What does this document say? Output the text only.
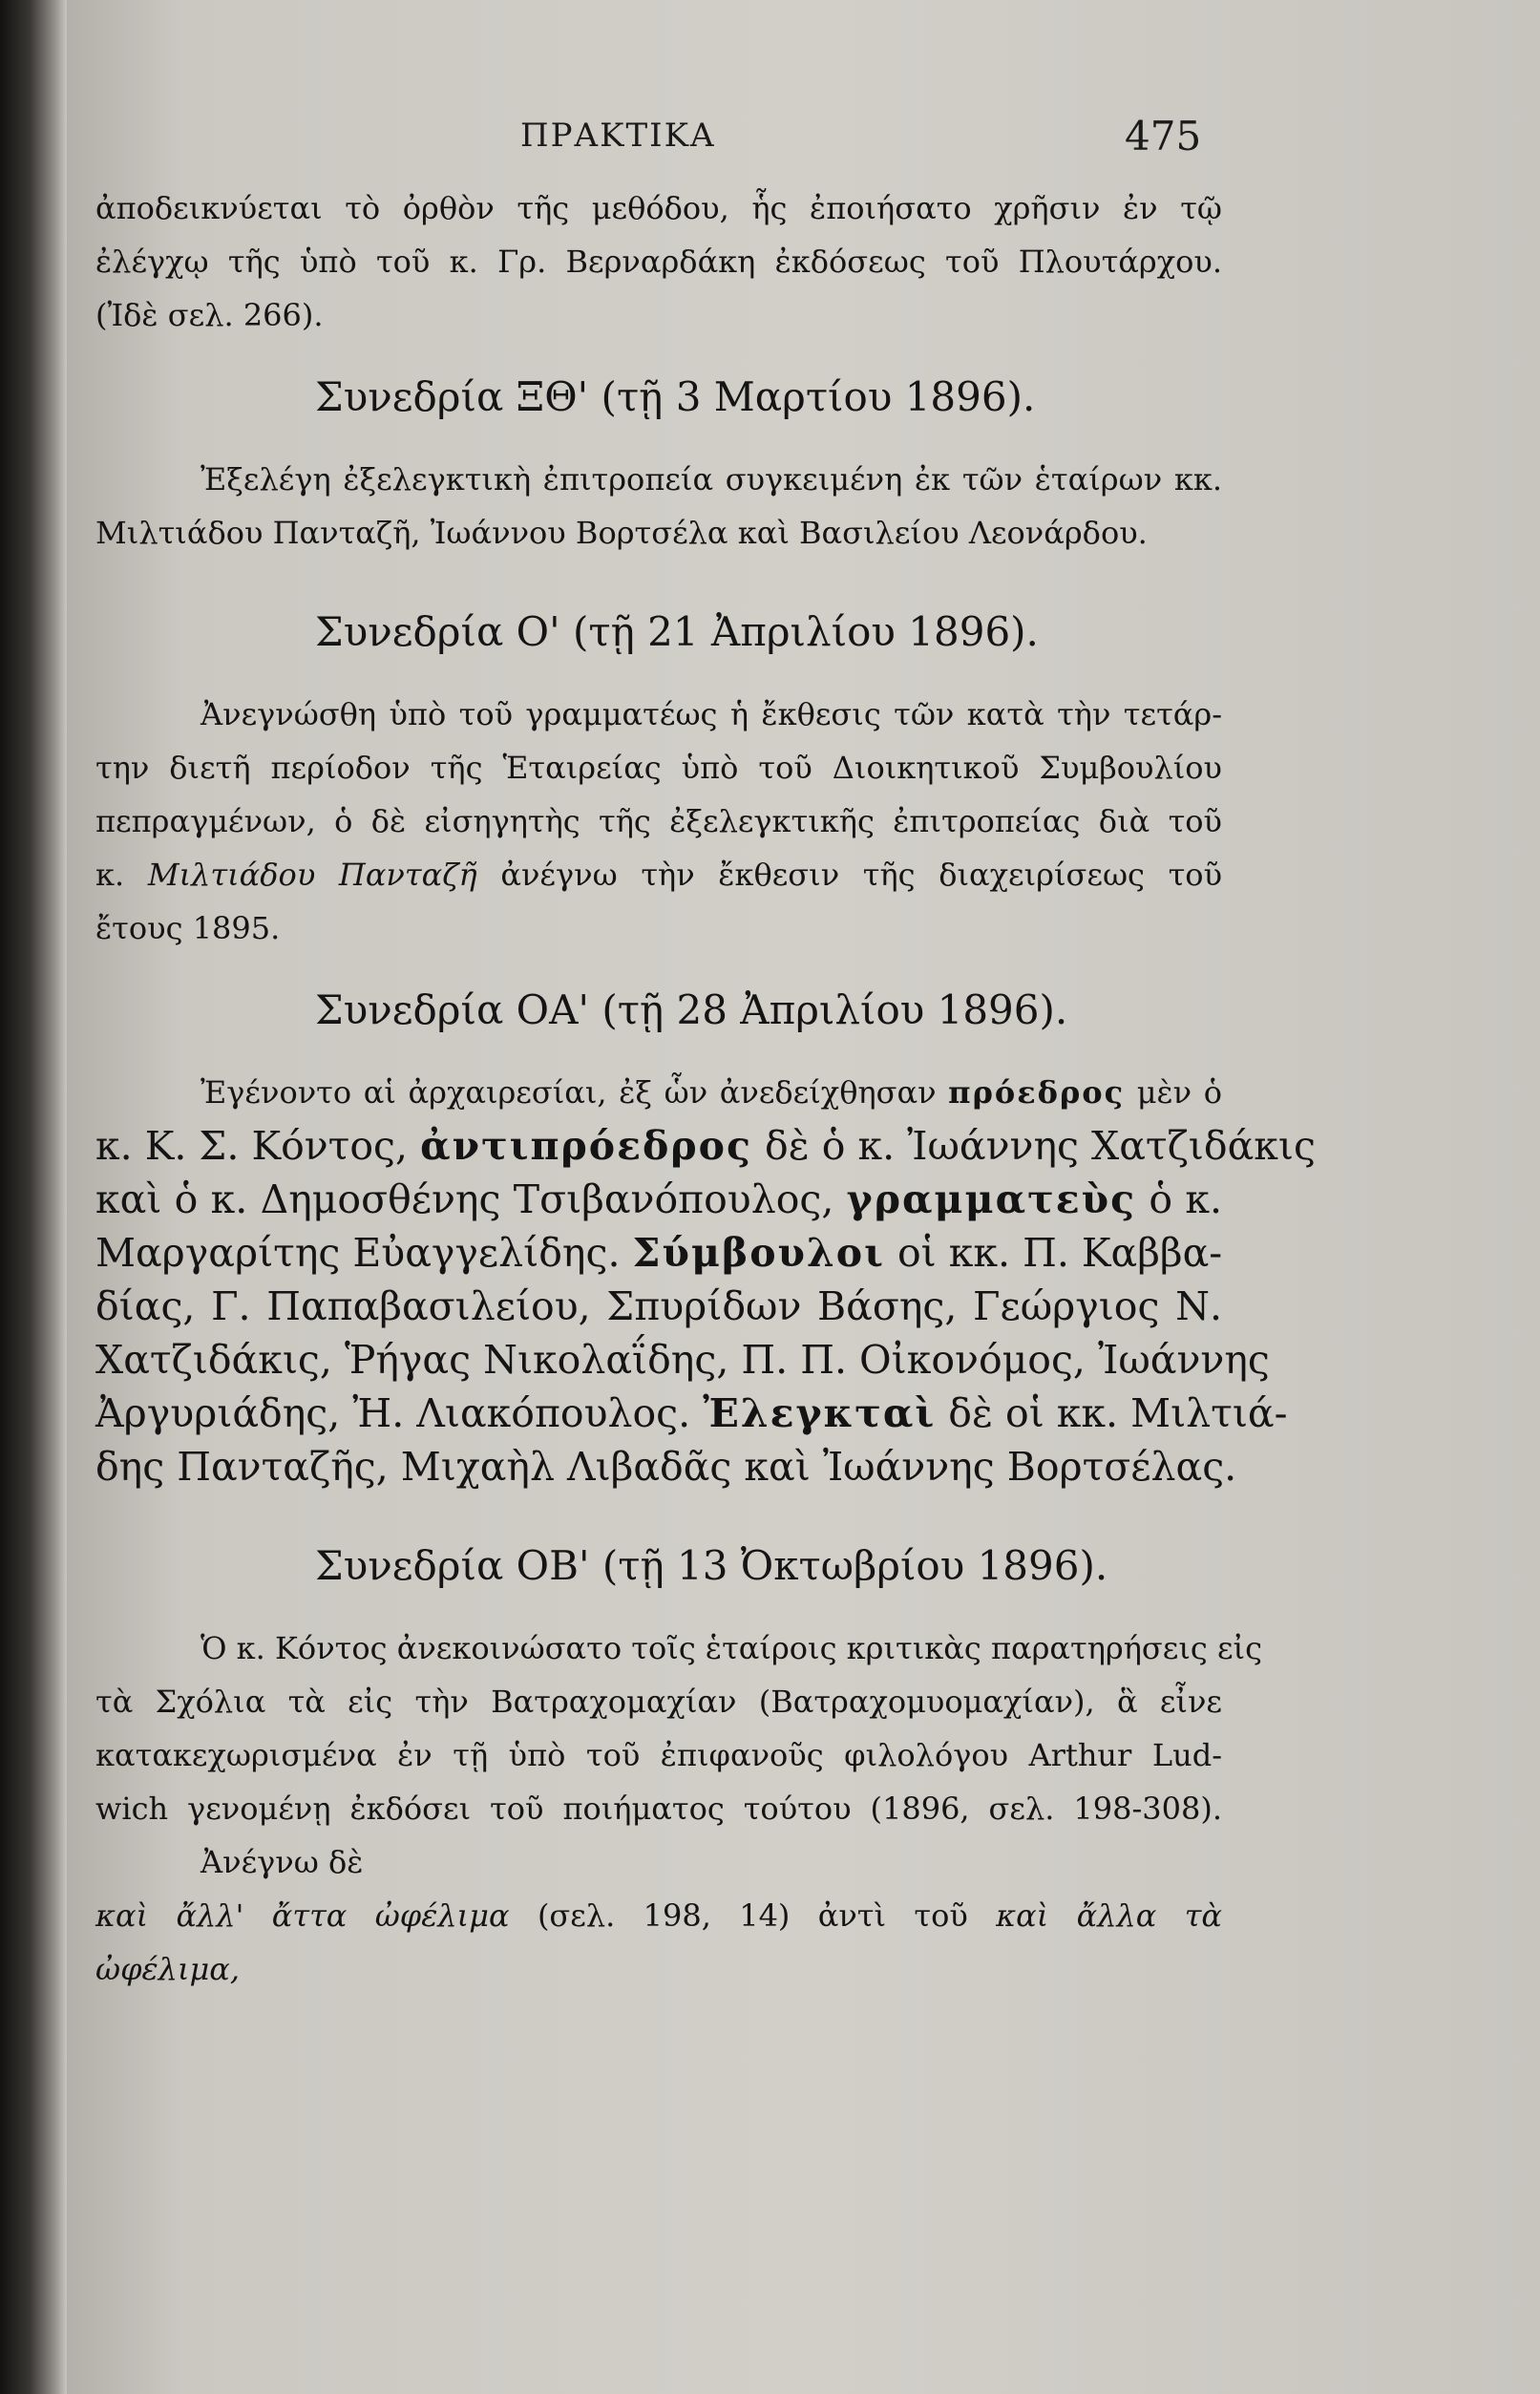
ΠΡΑΚΤΙΚΑ	475
ἀποδεικνύεται τὸ ὀρθὸν τῆς μεθόδου, ἧς ἐποιήσατο χρῆσιν ἐν τῷ
ἐλέγχῳ τῆς ὑπὸ τοῦ κ. Γρ. Βερναρδάκη ἐκδόσεως τοῦ Πλουτάρχου.
(Ἰδὲ σελ. 266).
Συνεδρία ΞΘ' (τῇ 3 Μαρτίου 1896).
Ἐξελέγη ἐξελεγκτικὴ ἐπιτροπεία συγκειμένη ἐκ τῶν ἑταίρων κκ.
Μιλτιάδου Πανταζῆ, Ἰωάννου Βορτσέλα καὶ Βασιλείου Λεονάρδου.
Συνεδρία Ο' (τῇ 21 Ἀπριλίου 1896).
Ἀνεγνώσθη ὑπὸ τοῦ γραμματέως ἡ ἔκθεσις τῶν κατὰ τὴν τετάρ-
την διετῆ περίοδον τῆς Ἑταιρείας ὑπὸ τοῦ Διοικητικοῦ Συμβουλίου
πεπραγμένων, ὁ δὲ εἰσηγητὴς τῆς ἐξελεγκτικῆς ἐπιτροπείας διὰ τοῦ
κ. Μιλτιάδου Πανταζῆ ἀνέγνω τὴν ἔκθεσιν τῆς διαχειρίσεως τοῦ
ἔτους 1895.
Συνεδρία ΟΑ' (τῇ 28 Ἀπριλίου 1896).
Ἐγένοντο αἱ ἀρχαιρεσίαι, ἐξ ὧν ἀνεδείχθησαν πρόεδρος μὲν ὁ
κ. Κ. Σ. Κόντος, ἀντιπρόεδρος δὲ ὁ κ. Ἰωάννης Χατζιδάκις
καὶ ὁ κ. Δημοσθένης Τσιβανόπουλος, γραμματεὺς ὁ κ.
Μαργαρίτης Εὐαγγελίδης. Σύμβουλοι οἱ κκ. Π. Καββα-
δίας, Γ. Παπαβασιλείου, Σπυρίδων Βάσης, Γεώργιος Ν.
Χατζιδάκις, Ῥήγας Νικολαΐδης, Π. Π. Οἰκονόμος, Ἰωάννης
Ἀργυριάδης, Ἠ. Λιακόπουλος. Ἐλεγκταὶ δὲ οἱ κκ. Μιλτιά-
δης Πανταζῆς, Μιχαὴλ Λιβαδᾶς καὶ Ἰωάννης Βορτσέλας.
Συνεδρία ΟΒ' (τῇ 13 Ὀκτωβρίου 1896).
Ὁ κ. Κόντος ἀνεκοινώσατο τοῖς ἑταίροις κριτικὰς παρατηρήσεις εἰς
τὰ Σχόλια τὰ εἰς τὴν Βατραχομαχίαν (Βατραχομυομαχίαν), ἃ εἶνε
κατακεχωρισμένα ἐν τῇ ὑπὸ τοῦ ἐπιφανοῦς φιλολόγου Arthur Lud-
wich γενομένῃ ἐκδόσει τοῦ ποιήματος τούτου (1896, σελ. 198-308).
Ἀνέγνω δὲ
καὶ ἄλλ' ἄττα ὠφέλιμα (σελ. 198, 14) ἀντὶ τοῦ καὶ ἄλλα τὰ
ὠφέλιμα,
